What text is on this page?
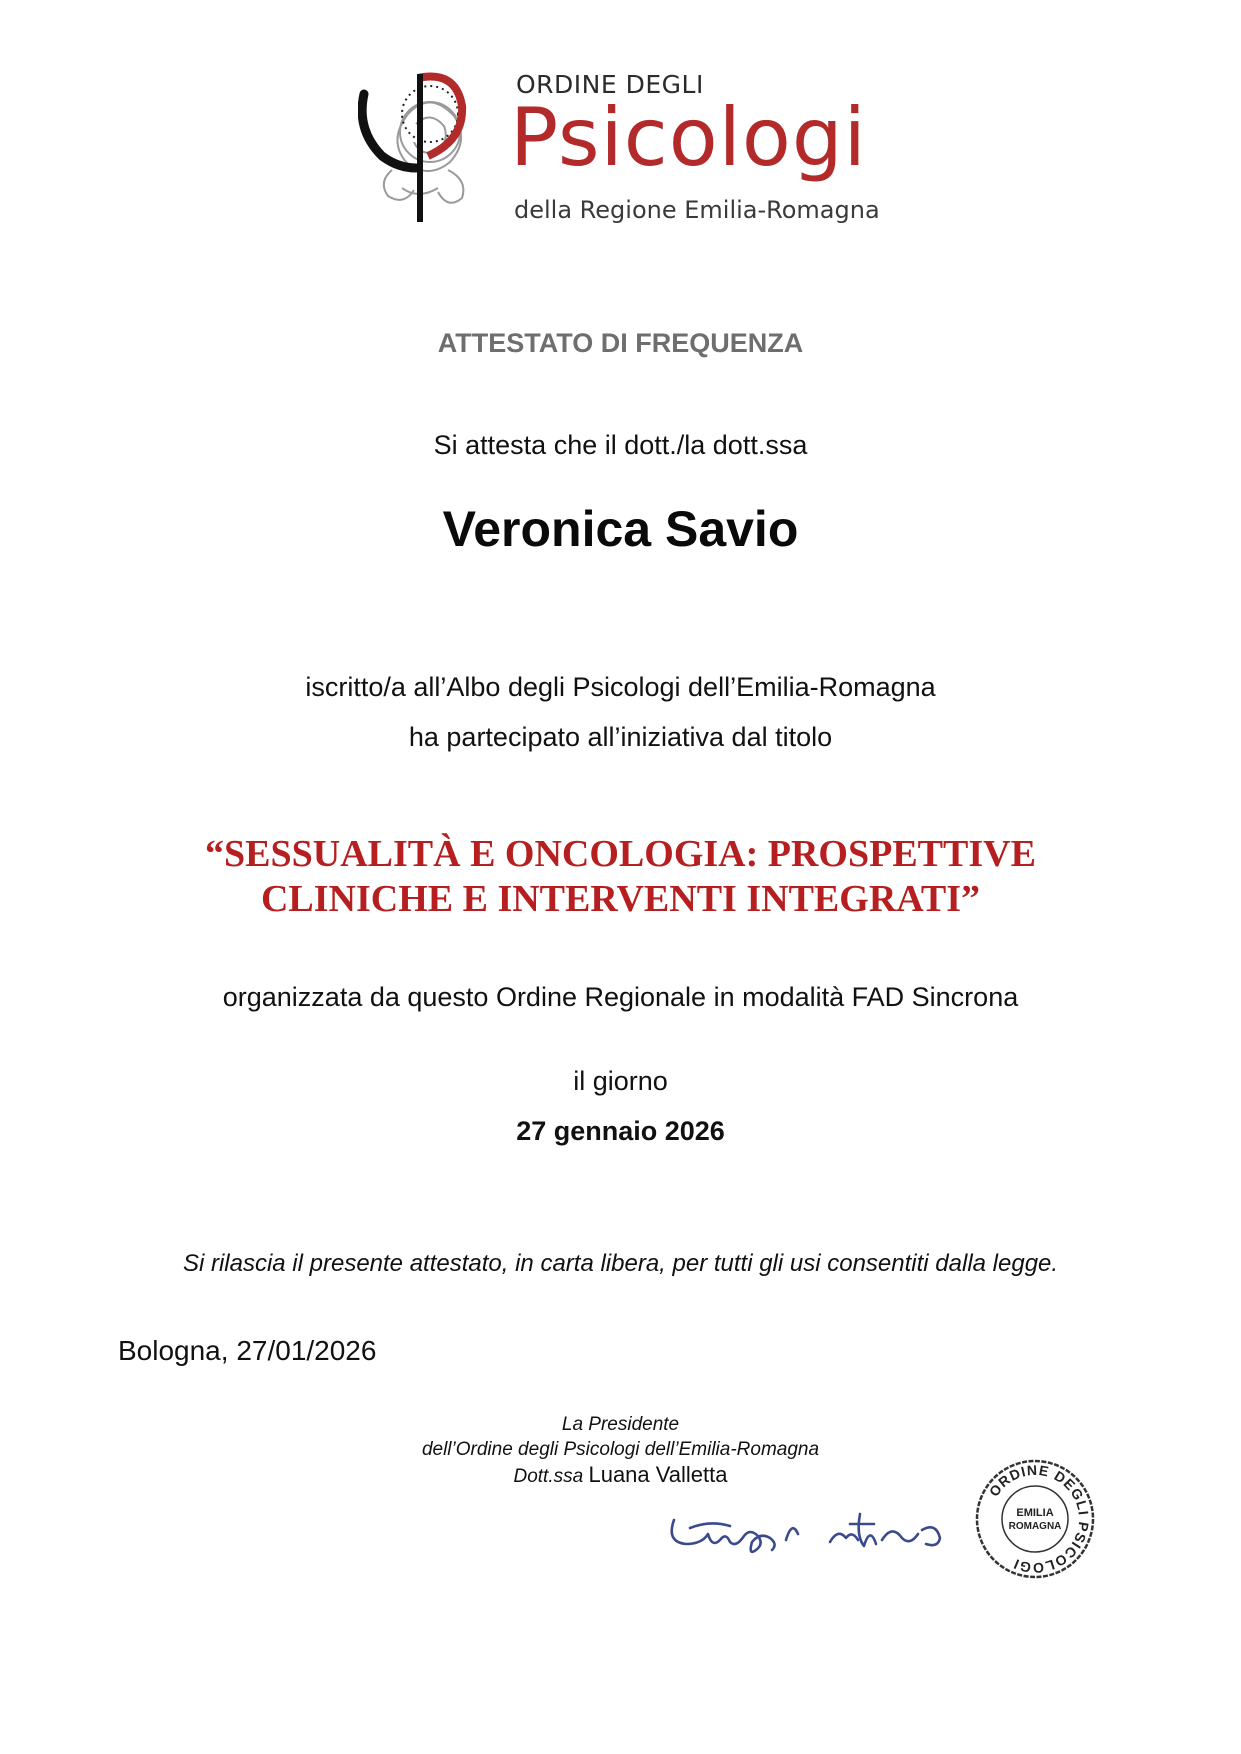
ORDINE DEGLI
Psicologi
della Regione Emilia-Romagna
ATTESTATO DI FREQUENZA
Si attesta che il dott./la dott.ssa
Veronica Savio
iscritto/a all’Albo degli Psicologi dell’Emilia-Romagna
ha partecipato all’iniziativa dal titolo
“SESSUALITÀ E ONCOLOGIA: PROSPETTIVE
CLINICHE E INTERVENTI INTEGRATI”
organizzata da questo Ordine Regionale in modalità FAD Sincrona
il giorno
27 gennaio 2026
Si rilascia il presente attestato, in carta libera, per tutti gli usi consentiti dalla legge.
Bologna, 27/01/2026
La Presidente
dell’Ordine degli Psicologi dell’Emilia-Romagna
Dott.ssa Luana Valletta
ORDINE DEGLI PSICOLOGI
EMILIA
ROMAGNA
